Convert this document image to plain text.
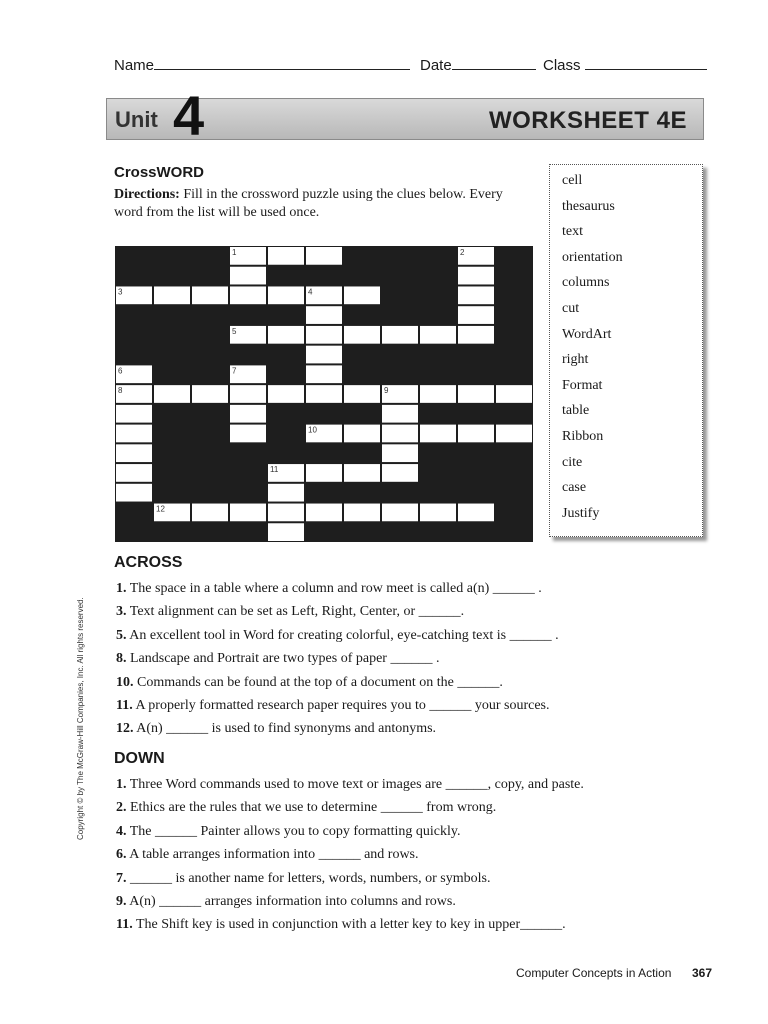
Name	Date	Class
Unit 4	WORKSHEET 4E
CrossWORD
Directions: Fill in the crossword puzzle using the clues below. Every word from the list will be used once.
1	2
3	4
5
6	7
8	9
10
11
12
cell
thesaurus
text
orientation
columns
cut
WordArt
right
Format
table
Ribbon
cite
case
Justify
ACROSS
1. The space in a table where a column and row meet is called a(n) ______ .
3. Text alignment can be set as Left, Right, Center, or ______.
5. An excellent tool in Word for creating colorful, eye-catching text is ______ .
8. Landscape and Portrait are two types of paper ______ .
10. Commands can be found at the top of a document on the ______.
11. A properly formatted research paper requires you to ______ your sources.
12. A(n) ______ is used to find synonyms and antonyms.
DOWN
1. Three Word commands used to move text or images are ______, copy, and paste.
2. Ethics are the rules that we use to determine ______ from wrong.
4. The ______ Painter allows you to copy formatting quickly.
6. A table arranges information into ______ and rows.
7. ______ is another name for letters, words, numbers, or symbols.
9. A(n) ______ arranges information into columns and rows.
11. The Shift key is used in conjunction with a letter key to key in upper______.
Copyright © by The McGraw-Hill Companies, Inc. All rights reserved.
Computer Concepts in Action 367
